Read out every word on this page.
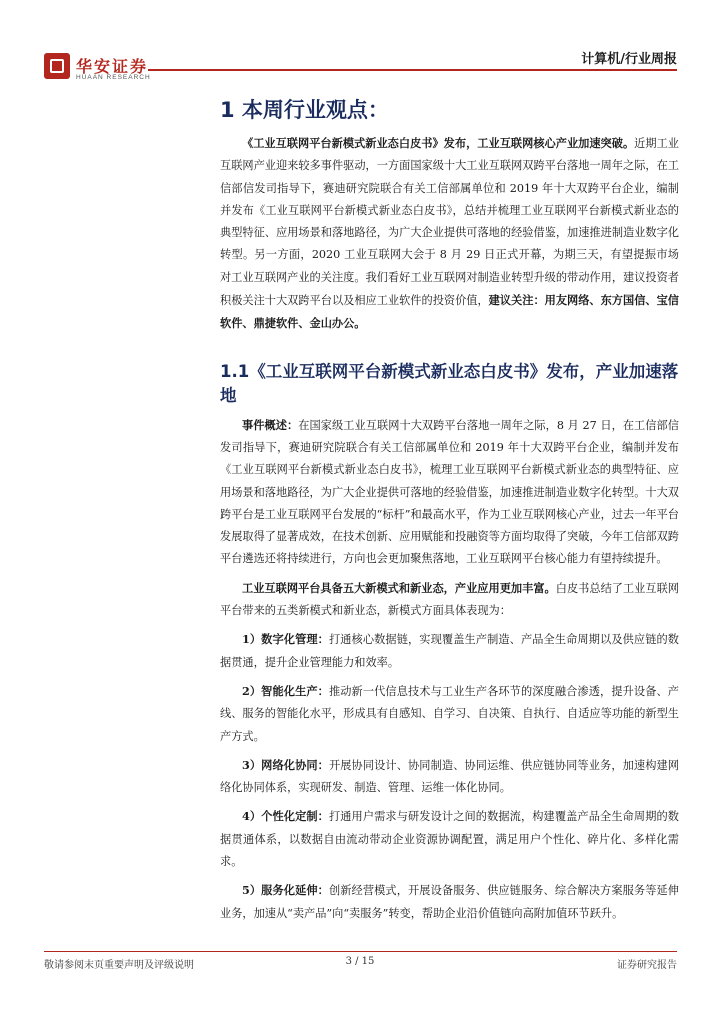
华安证券
HUAAN RESEARCH
计算机/行业周报
1 本周行业观点：

《工业互联网平台新模式新业态白皮书》发布，工业互联网核心产业加速突破。近期工业互联网产业迎来较多事件驱动，一方面国家级十大工业互联网双跨平台落地一周年之际，在工信部信发司指导下，赛迪研究院联合有关工信部属单位和 2019 年十大双跨平台企业，编制并发布《工业互联网平台新模式新业态白皮书》，总结并梳理工业互联网平台新模式新业态的典型特征、应用场景和落地路径，为广大企业提供可落地的经验借鉴，加速推进制造业数字化转型。另一方面，2020 工业互联网大会于 8 月 29 日正式开幕，为期三天，有望提振市场对工业互联网产业的关注度。我们看好工业互联网对制造业转型升级的带动作用，建议投资者积极关注十大双跨平台以及相应工业软件的投资价值，建议关注：用友网络、东方国信、宝信软件、鼎捷软件、金山办公。

1.1《工业互联网平台新模式新业态白皮书》发布，产业加速落地

事件概述：在国家级工业互联网十大双跨平台落地一周年之际，8 月 27 日，在工信部信发司指导下，赛迪研究院联合有关工信部属单位和 2019 年十大双跨平台企业，编制并发布《工业互联网平台新模式新业态白皮书》，梳理工业互联网平台新模式新业态的典型特征、应用场景和落地路径，为广大企业提供可落地的经验借鉴，加速推进制造业数字化转型。十大双跨平台是工业互联网平台发展的“标杆”和最高水平，作为工业互联网核心产业，过去一年平台发展取得了显著成效，在技术创新、应用赋能和投融资等方面均取得了突破，今年工信部双跨平台遴选还将持续进行，方向也会更加聚焦落地，工业互联网平台核心能力有望持续提升。

工业互联网平台具备五大新模式和新业态，产业应用更加丰富。白皮书总结了工业互联网平台带来的五类新模式和新业态，新模式方面具体表现为：

1）数字化管理：打通核心数据链，实现覆盖生产制造、产品全生命周期以及供应链的数据贯通，提升企业管理能力和效率。

2）智能化生产：推动新一代信息技术与工业生产各环节的深度融合渗透，提升设备、产线、服务的智能化水平，形成具有自感知、自学习、自决策、自执行、自适应等功能的新型生产方式。

3）网络化协同：开展协同设计、协同制造、协同运维、供应链协同等业务，加速构建网络化协同体系，实现研发、制造、管理、运维一体化协同。

4）个性化定制：打通用户需求与研发设计之间的数据流，构建覆盖产品全生命周期的数据贯通体系，以数据自由流动带动企业资源协调配置，满足用户个性化、碎片化、多样化需求。

5）服务化延伸：创新经营模式，开展设备服务、供应链服务、综合解决方案服务等延伸业务，加速从“卖产品”向“卖服务”转变，帮助企业沿价值链向高附加值环节跃升。

敬请参阅末页重要声明及评级说明	3 / 15	证券研究报告
